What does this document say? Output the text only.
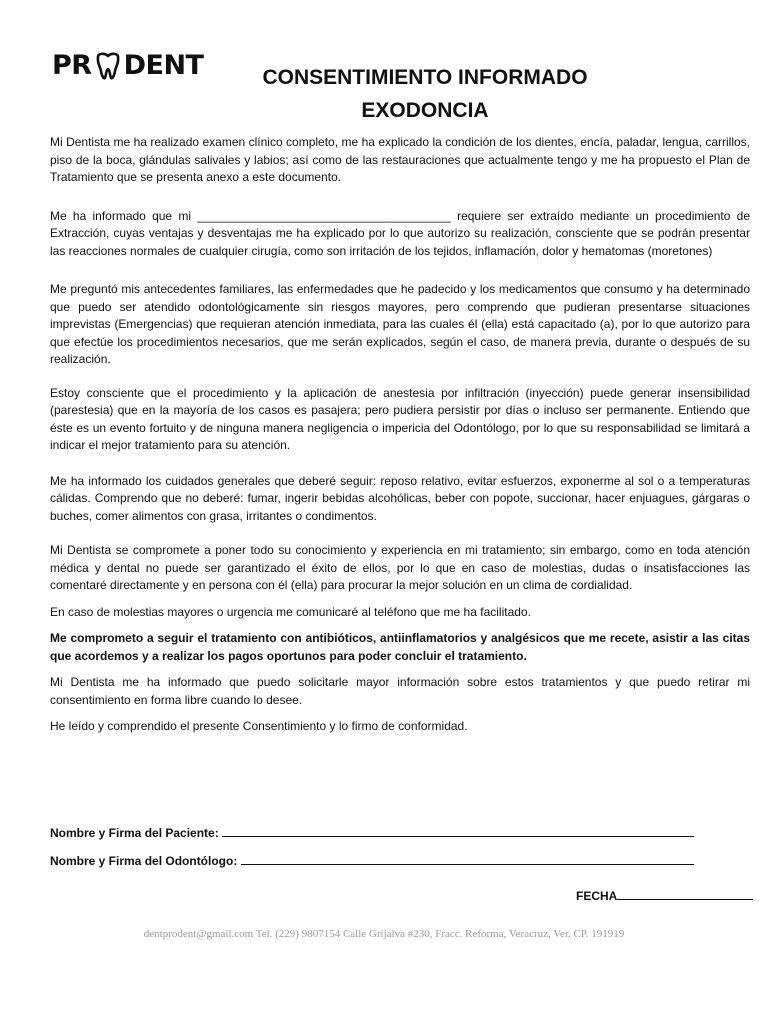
PR DENT	CONSENTIMIENTO INFORMADO
EXODONCIA

Mi Dentista me ha realizado examen clínico completo, me ha explicado la condición de los dientes, encía, paladar, lengua, carrillos, piso de la boca, glándulas salivales y labios; así como de las restauraciones que actualmente tengo y me ha propuesto el Plan de Tratamiento que se presenta anexo a este documento.

Me ha informado que mi ______________________________________ requiere ser extraído mediante un procedimiento de Extracción, cuyas ventajas y desventajas me ha explicado por lo que autorizo su realización, consciente que se podrán presentar las reacciones normales de cualquier cirugía, como son irritación de los tejidos, inflamación, dolor y hematomas (moretones)

Me preguntó mis antecedentes familiares, las enfermedades que he padecido y los medicamentos que consumo y ha determinado que puedo ser atendido odontológicamente sin riesgos mayores, pero comprendo que pudieran presentarse situaciones imprevistas (Emergencias) que requieran atención inmediata, para las cuales él (ella) está capacitado (a), por lo que autorizo para que efectúe los procedimientos necesarios, que me serán explicados, según el caso, de manera previa, durante o después de su realización.

Estoy consciente que el procedimiento y la aplicación de anestesia por infiltración (inyección) puede generar insensibilidad (parestesia) que en la mayoría de los casos es pasajera; pero pudiera persistir por días o incluso ser permanente. Entiendo que éste es un evento fortuito y de ninguna manera negligencia o impericia del Odontólogo, por lo que su responsabilidad se limitará a indicar el mejor tratamiento para su atención.

Me ha informado los cuidados generales que deberé seguir: reposo relativo, evitar esfuerzos, exponerme al sol o a temperaturas cálidas. Comprendo que no deberé: fumar, ingerir bebidas alcohólicas, beber con popote, succionar, hacer enjuagues, gárgaras o buches, comer alimentos con grasa, irritantes o condimentos.

Mi Dentista se compromete a poner todo su conocimiento y experiencia en mi tratamiento; sin embargo, como en toda atención médica y dental no puede ser garantizado el éxito de ellos, por lo que en caso de molestias, dudas o insatisfacciones las comentaré directamente y en persona con él (ella) para procurar la mejor solución en un clima de cordialidad.

En caso de molestias mayores o urgencia me comunicaré al teléfono que me ha facilitado.

Me comprometo a seguir el tratamiento con antibióticos, antiinflamatorios y analgésicos que me recete, asistir a las citas que acordemos y a realizar los pagos oportunos para poder concluir el tratamiento.

Mi Dentista me ha informado que puedo solicitarle mayor información sobre estos tratamientos y que puedo retirar mi consentimiento en forma libre cuando lo desee.

He leído y comprendido el presente Consentimiento y lo firmo de conformidad.

Nombre y Firma del Paciente:
Nombre y Firma del Odontólogo:
FECHA
dentprodent@gmail.com Tel. (229) 9807154 Calle Grijalva #230, Fracc. Reforma, Veracruz, Ver. CP. 191919
